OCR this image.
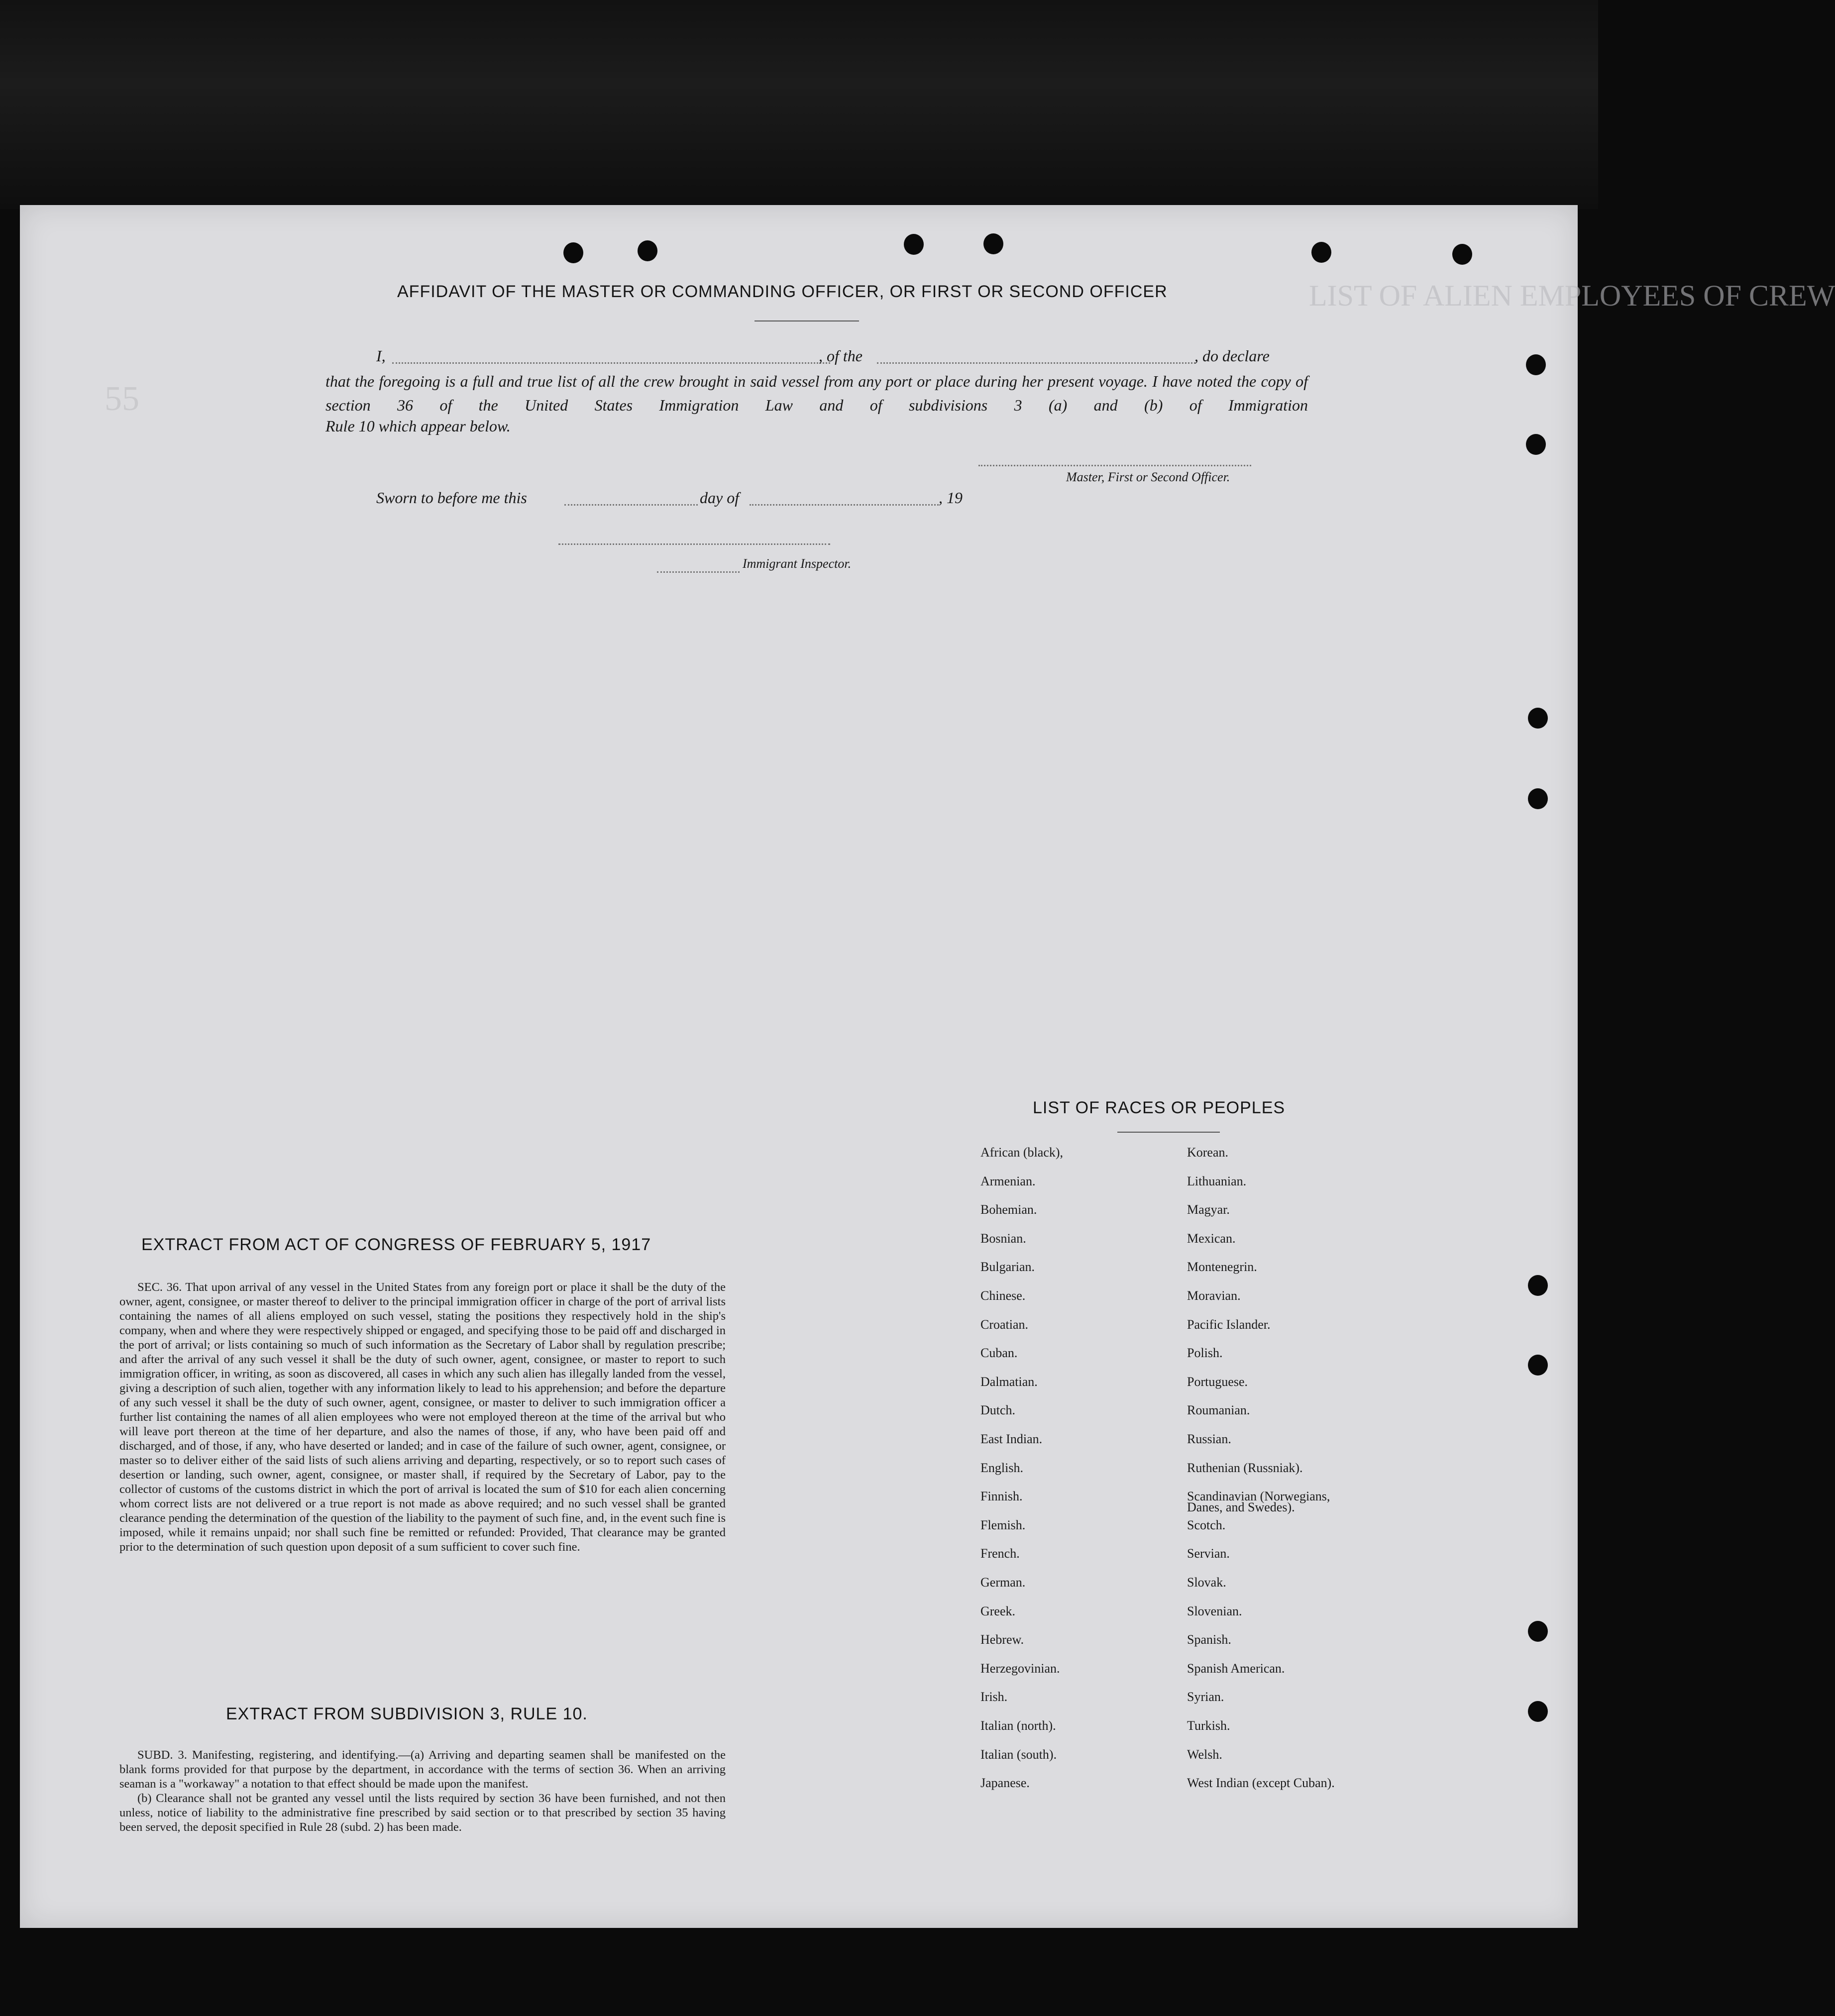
LIST OF ALIEN EMPLOYEES OF CREW
55
AFFIDAVIT OF THE MASTER OR COMMANDING OFFICER, OR FIRST OR SECOND OFFICER
I,	, of the	, do declare
that the foregoing is a full and true list of all the crew brought in said vessel from any port or place during her present voyage. I have noted the copy of section 36 of the United States Immigration Law and of subdivisions 3 (a) and (b) of Immigration
Rule 10 which appear below.
Master, First or Second Officer.
Sworn to before me this	day of	, 19
Immigrant Inspector.
LIST OF RACES OR PEOPLES
African (black),
Armenian.
Bohemian.
Bosnian.
Bulgarian.
Chinese.
Croatian.
Cuban.
Dalmatian.
Dutch.
East Indian.
English.
Finnish.
Flemish.
French.
German.
Greek.
Hebrew.
Herzegovinian.
Irish.
Italian (north).
Italian (south).
Japanese.
Korean.
Lithuanian.
Magyar.
Mexican.
Montenegrin.
Moravian.
Pacific Islander.
Polish.
Portuguese.
Roumanian.
Russian.
Ruthenian (Russniak).
Scandinavian (Norwegians,
Scotch.
Servian.
Slovak.
Slovenian.
Spanish.
Spanish American.
Syrian.
Turkish.
Welsh.
West Indian (except Cuban).
Danes, and Swedes).
EXTRACT FROM ACT OF CONGRESS OF FEBRUARY 5, 1917

SEC. 36. That upon arrival of any vessel in the United States from any foreign port or place it shall be the duty of the owner, agent, consignee, or master thereof to deliver to the principal immigration officer in charge of the port of arrival lists containing the names of all aliens employed on such vessel, stating the positions they respectively hold in the ship's company, when and where they were respectively shipped or engaged, and specifying those to be paid off and discharged in the port of arrival; or lists containing so much of such information as the Secretary of Labor shall by regulation prescribe; and after the arrival of any such vessel it shall be the duty of such owner, agent, consignee, or master to report to such immigration officer, in writing, as soon as discovered, all cases in which any such alien has illegally landed from the vessel, giving a description of such alien, together with any information likely to lead to his apprehension; and before the departure of any such vessel it shall be the duty of such owner, agent, consignee, or master to deliver to such immigration officer a further list containing the names of all alien employees who were not employed thereon at the time of the arrival but who will leave port thereon at the time of her departure, and also the names of those, if any, who have been paid off and discharged, and of those, if any, who have deserted or landed; and in case of the failure of such owner, agent, consignee, or master so to deliver either of the said lists of such aliens arriving and departing, respectively, or so to report such cases of desertion or landing, such owner, agent, consignee, or master shall, if required by the Secretary of Labor, pay to the collector of customs of the customs district in which the port of arrival is located the sum of $10 for each alien concerning whom correct lists are not delivered or a true report is not made as above required; and no such vessel shall be granted clearance pending the determination of the question of the liability to the payment of such fine, and, in the event such fine is imposed, while it remains unpaid; nor shall such fine be remitted or refunded: Provided, That clearance may be granted prior to the determination of such question upon deposit of a sum sufficient to cover such fine.

EXTRACT FROM SUBDIVISION 3, RULE 10.

SUBD. 3. Manifesting, registering, and identifying.—(a) Arriving and departing seamen shall be manifested on the blank forms provided for that purpose by the department, in accordance with the terms of section 36. When an arriving seaman is a "workaway" a notation to that effect should be made upon the manifest.

(b) Clearance shall not be granted any vessel until the lists required by section 36 have been furnished, and not then unless, notice of liability to the administrative fine prescribed by said section or to that prescribed by section 35 having been served, the deposit specified in Rule 28 (subd. 2) has been made.
